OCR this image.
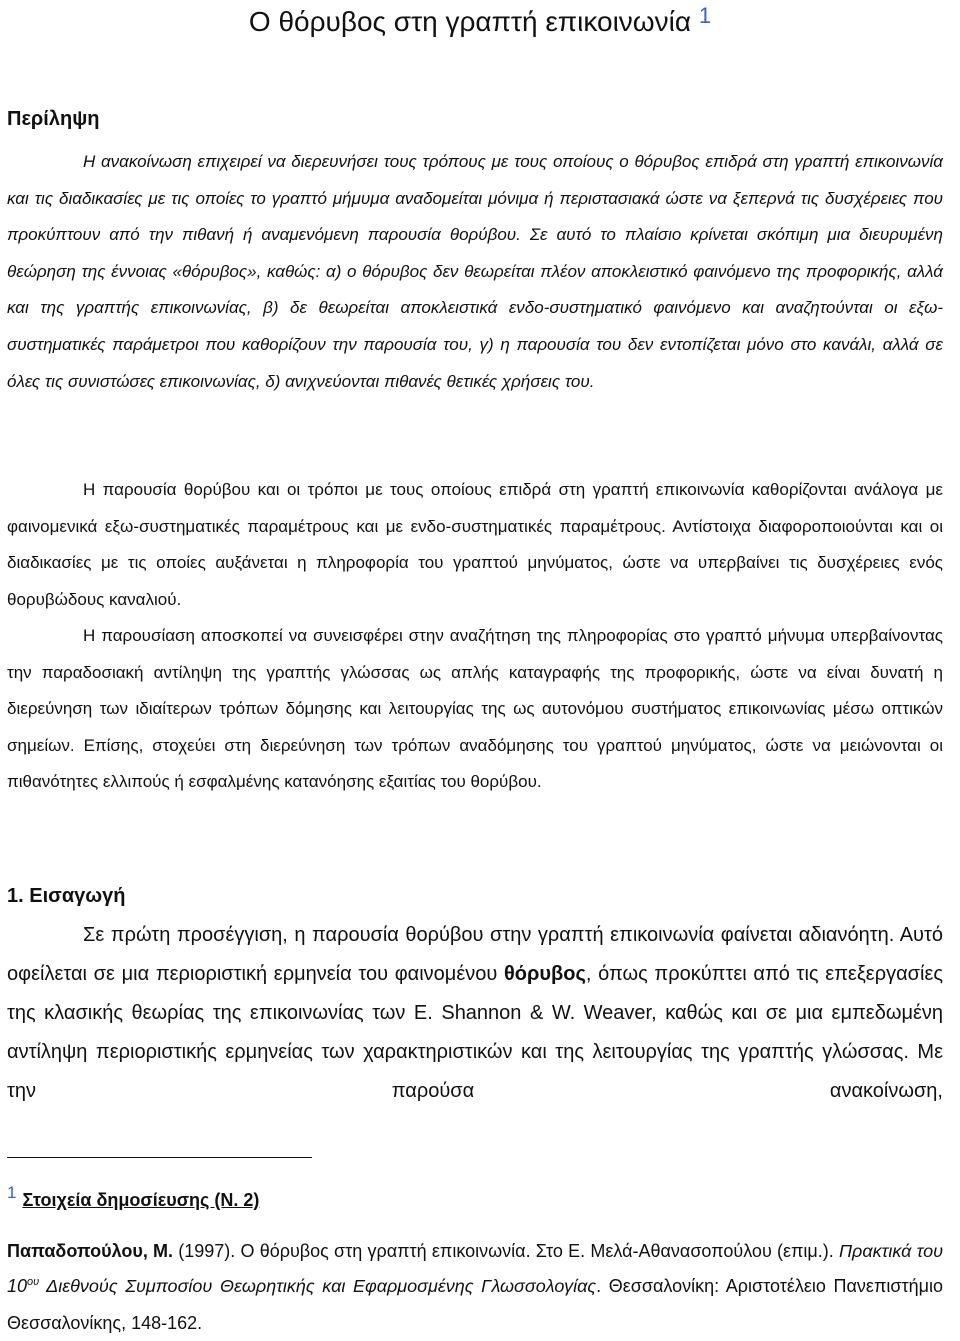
Ο θόρυβος στη γραπτή επικοινωνία $^1$
Περίληψη

Η ανακοίνωση επιχειρεί να διερευνήσει τους τρόπους με τους οποίους ο θόρυβος επιδρά στη γραπτή επικοινωνία και τις διαδικασίες με τις οποίες το γραπτό μήμυμα αναδομείται μόνιμα ή περιστασιακά ώστε να ξεπερνά τις δυσχέρειες που προκύπτουν από την πιθανή ή αναμενόμενη παρουσία θορύβου. Σε αυτό το πλαίσιο κρίνεται σκόπιμη μια διευρυμένη θεώρηση της έννοιας «θόρυβος», καθώς: α) ο θόρυβος δεν θεωρείται πλέον αποκλειστικό φαινόμενο της προφορικής, αλλά και της γραπτής επικοινωνίας, β) δε θεωρείται αποκλειστικά ενδο-συστηματικό φαινόμενο και αναζητούνται οι εξω-συστηματικές παράμετροι που καθορίζουν την παρουσία του, γ) η παρουσία του δεν εντοπίζεται μόνο στο κανάλι, αλλά σε όλες τις συνιστώσες επικοινωνίας, δ) ανιχνεύονται πιθανές θετικές χρήσεις του.

Η παρουσία θορύβου και οι τρόποι με τους οποίους επιδρά στη γραπτή επικοινωνία καθορίζονται ανάλογα με φαινομενικά εξω-συστηματικές παραμέτρους και με ενδο-συστηματικές παραμέτρους. Αντίστοιχα διαφοροποιούνται και οι διαδικασίες με τις οποίες αυξάνεται η πληροφορία του γραπτού μηνύματος, ώστε να υπερβαίνει τις δυσχέρειες ενός θορυβώδους καναλιού.

Η παρουσίαση αποσκοπεί να συνεισφέρει στην αναζήτηση της πληροφορίας στο γραπτό μήνυμα υπερβαίνοντας την παραδοσιακή αντίληψη της γραπτής γλώσσας ως απλής καταγραφής της προφορικής, ώστε να είναι δυνατή η διερεύνηση των ιδιαίτερων τρόπων δόμησης και λειτουργίας της ως αυτονόμου συστήματος επικοινωνίας μέσω οπτικών σημείων. Επίσης, στοχεύει στη διερεύνηση των τρόπων αναδόμησης του γραπτού μηνύματος, ώστε να μειώνονται οι πιθανότητες ελλιπούς ή εσφαλμένης κατανόησης εξαιτίας του θορύβου.

1. Εισαγωγή

Σε πρώτη προσέγγιση, η παρουσία θορύβου στην γραπτή επικοινωνία φαίνεται αδιανόητη. Αυτό οφείλεται σε μια περιοριστική ερμηνεία του φαινομένου θόρυβος, όπως προκύπτει από τις επεξεργασίες της κλασικής θεωρίας της επικοινωνίας των E. Shannon & W. Weaver, καθώς και σε μια εμπεδωμένη αντίληψη περιοριστικής ερμηνείας των χαρακτηριστικών και της λειτουργίας της γραπτής γλώσσας. Με την παρούσα ανακοίνωση,

1 Στοιχεία δημοσίευσης (Ν. 2)

Παπαδοπούλου, Μ. (1997). Ο θόρυβος στη γραπτή επικοινωνία. Στο Ε. Μελά-Αθανασοπούλου (επιμ.). Πρακτικά του $10^{o\upsilon}$ Διεθνούς Συμποσίου Θεωρητικής και Εφαρμοσμένης Γλωσσολογίας. Θεσσαλονίκη: Αριστοτέλειο Πανεπιστήμιο Θεσσαλονίκης, 148-162.
